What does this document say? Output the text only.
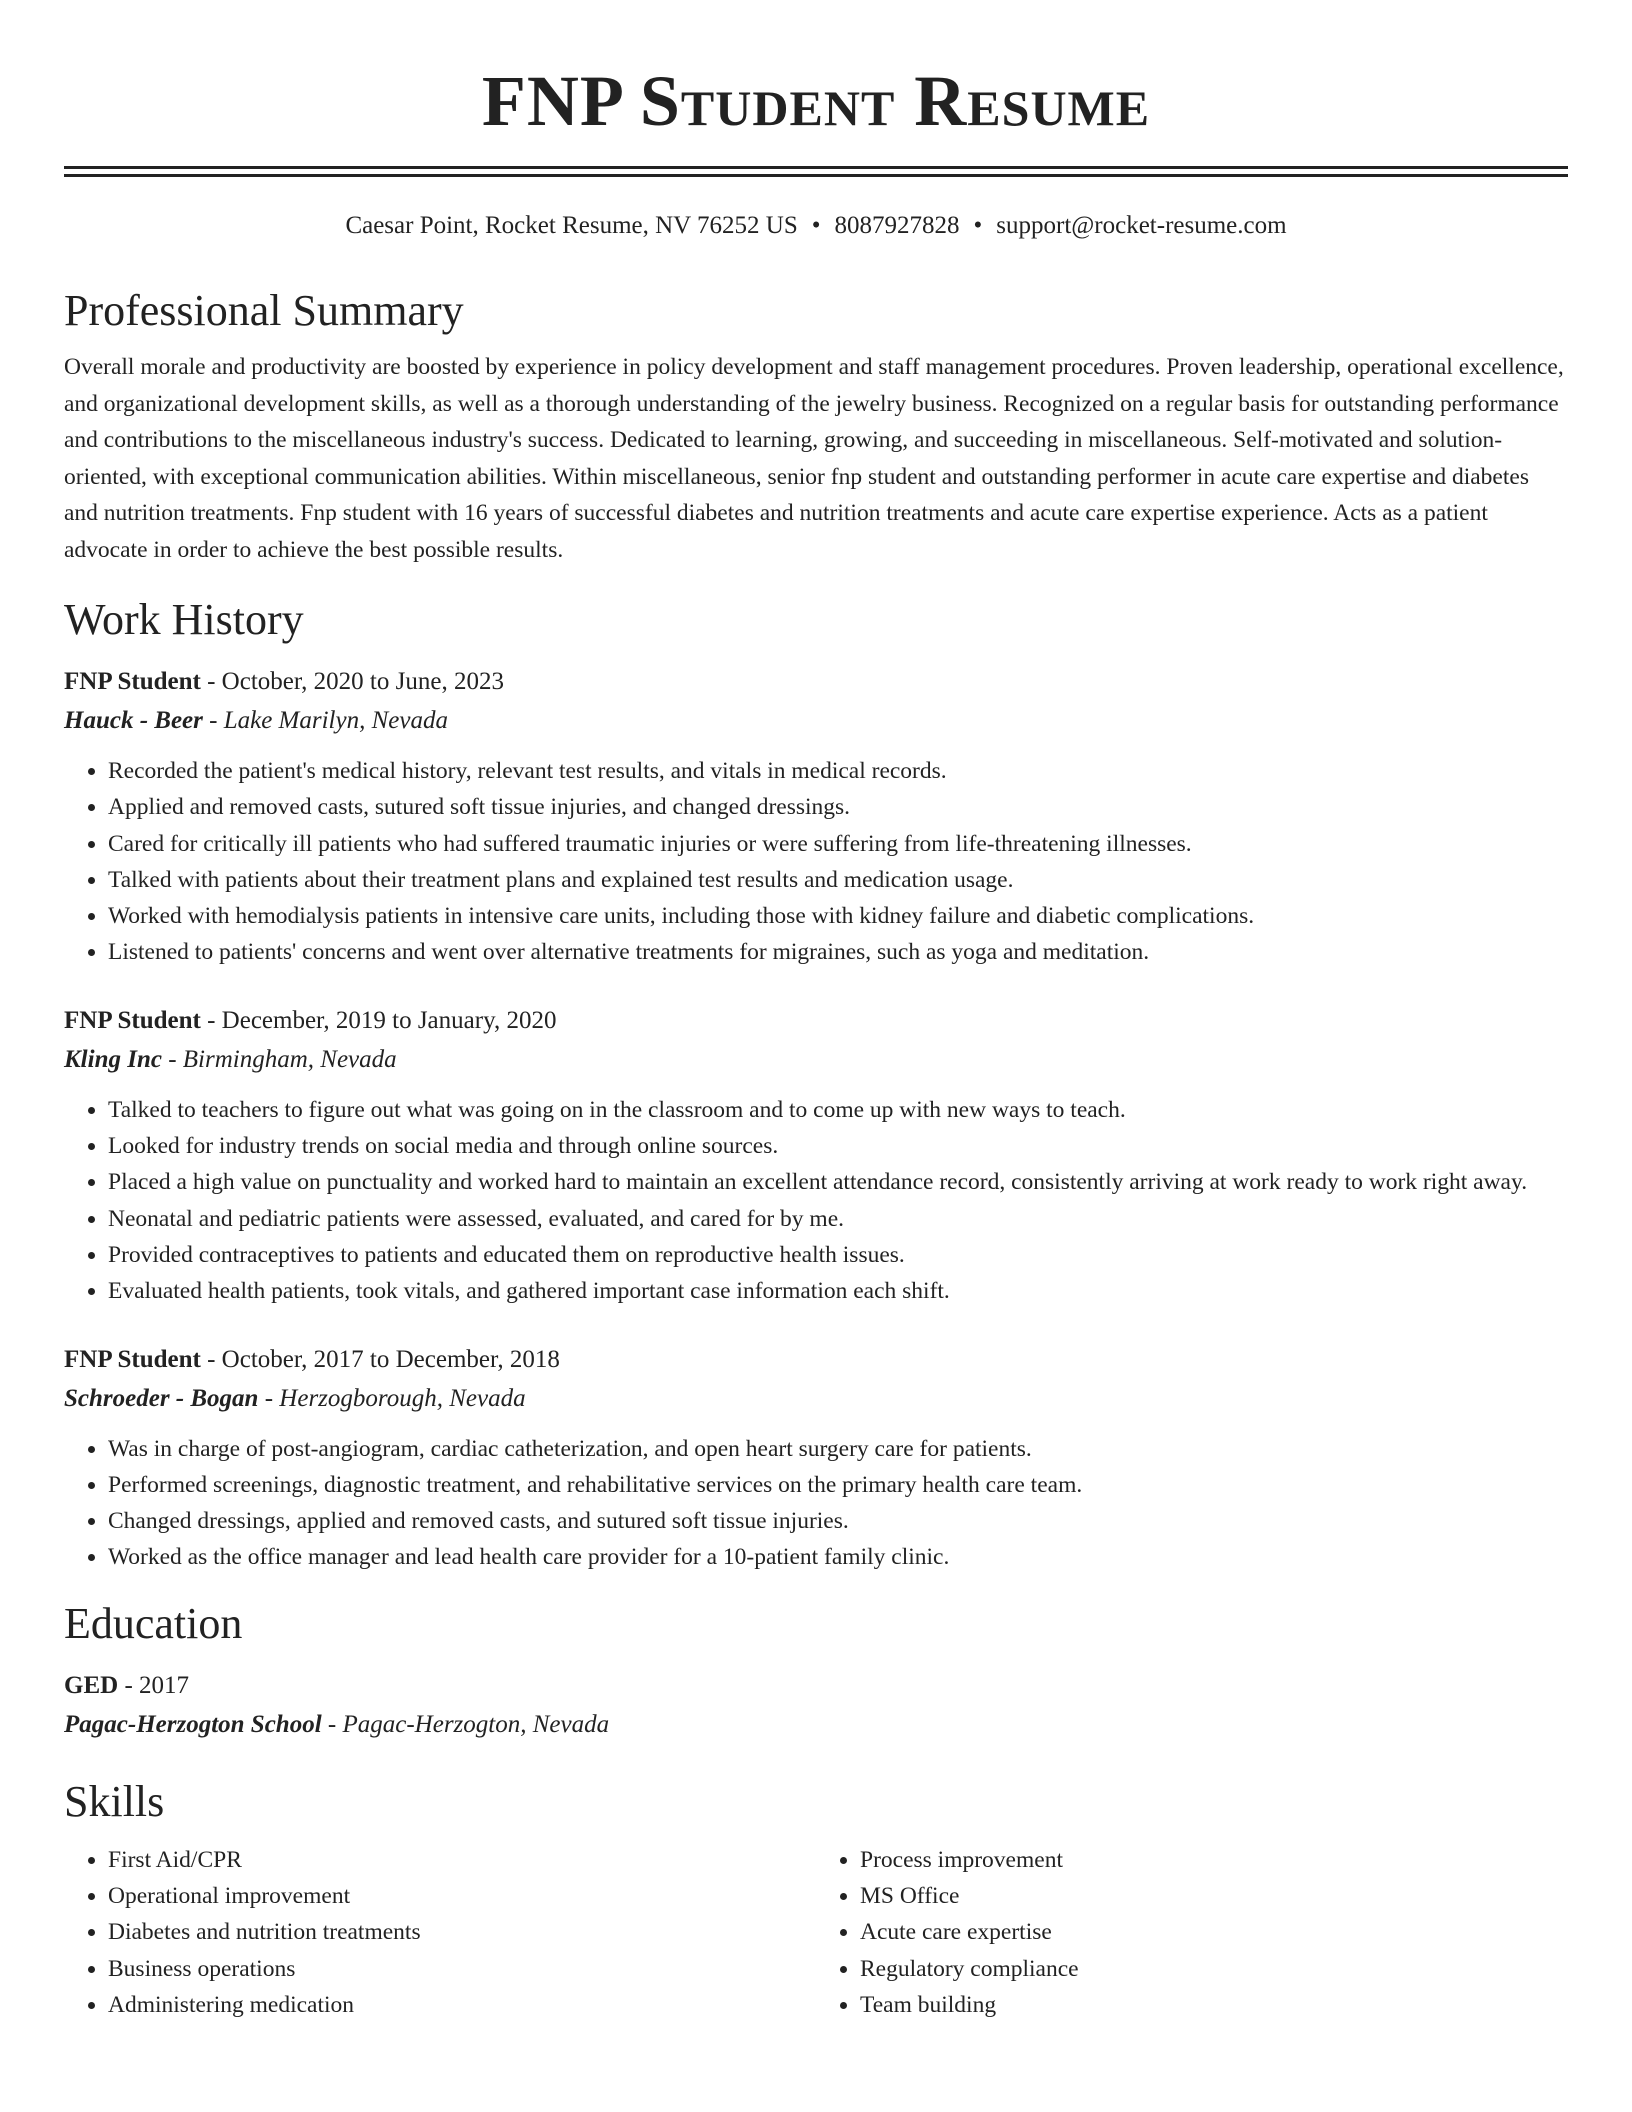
FNP Student Resume
Caesar Point, Rocket Resume, NV 76252 US • 8087927828 • support@rocket-resume.com
Professional Summary

Overall morale and productivity are boosted by experience in policy development and staff management procedures. Proven leadership, operational excellence, and organizational development skills, as well as a thorough understanding of the jewelry business. Recognized on a regular basis for outstanding performance and contributions to the miscellaneous industry's success. Dedicated to learning, growing, and succeeding in miscellaneous. Self-motivated and solution-oriented, with exceptional communication abilities. Within miscellaneous, senior fnp student and outstanding performer in acute care expertise and diabetes and nutrition treatments. Fnp student with 16 years of successful diabetes and nutrition treatments and acute care expertise experience. Acts as a patient advocate in order to achieve the best possible results.

Work History
FNP Student - October, 2020 to June, 2023
Hauck - Beer - Lake Marilyn, Nevada
• Recorded the patient's medical history, relevant test results, and vitals in medical records.
• Applied and removed casts, sutured soft tissue injuries, and changed dressings.
• Cared for critically ill patients who had suffered traumatic injuries or were suffering from life-threatening illnesses.
• Talked with patients about their treatment plans and explained test results and medication usage.
• Worked with hemodialysis patients in intensive care units, including those with kidney failure and diabetic complications.
• Listened to patients' concerns and went over alternative treatments for migraines, such as yoga and meditation.
FNP Student - December, 2019 to January, 2020
Kling Inc - Birmingham, Nevada
• Talked to teachers to figure out what was going on in the classroom and to come up with new ways to teach.
• Looked for industry trends on social media and through online sources.
• Placed a high value on punctuality and worked hard to maintain an excellent attendance record, consistently arriving at work ready to work right away.
• Neonatal and pediatric patients were assessed, evaluated, and cared for by me.
• Provided contraceptives to patients and educated them on reproductive health issues.
• Evaluated health patients, took vitals, and gathered important case information each shift.
FNP Student - October, 2017 to December, 2018
Schroeder - Bogan - Herzogborough, Nevada
• Was in charge of post-angiogram, cardiac catheterization, and open heart surgery care for patients.
• Performed screenings, diagnostic treatment, and rehabilitative services on the primary health care team.
• Changed dressings, applied and removed casts, and sutured soft tissue injuries.
• Worked as the office manager and lead health care provider for a 10-patient family clinic.
Education
GED - 2017
Pagac-Herzogton School - Pagac-Herzogton, Nevada
Skills
• First Aid/CPR
• Operational improvement
• Diabetes and nutrition treatments
• Business operations
• Administering medication
• Process improvement
• MS Office
• Acute care expertise
• Regulatory compliance
• Team building
